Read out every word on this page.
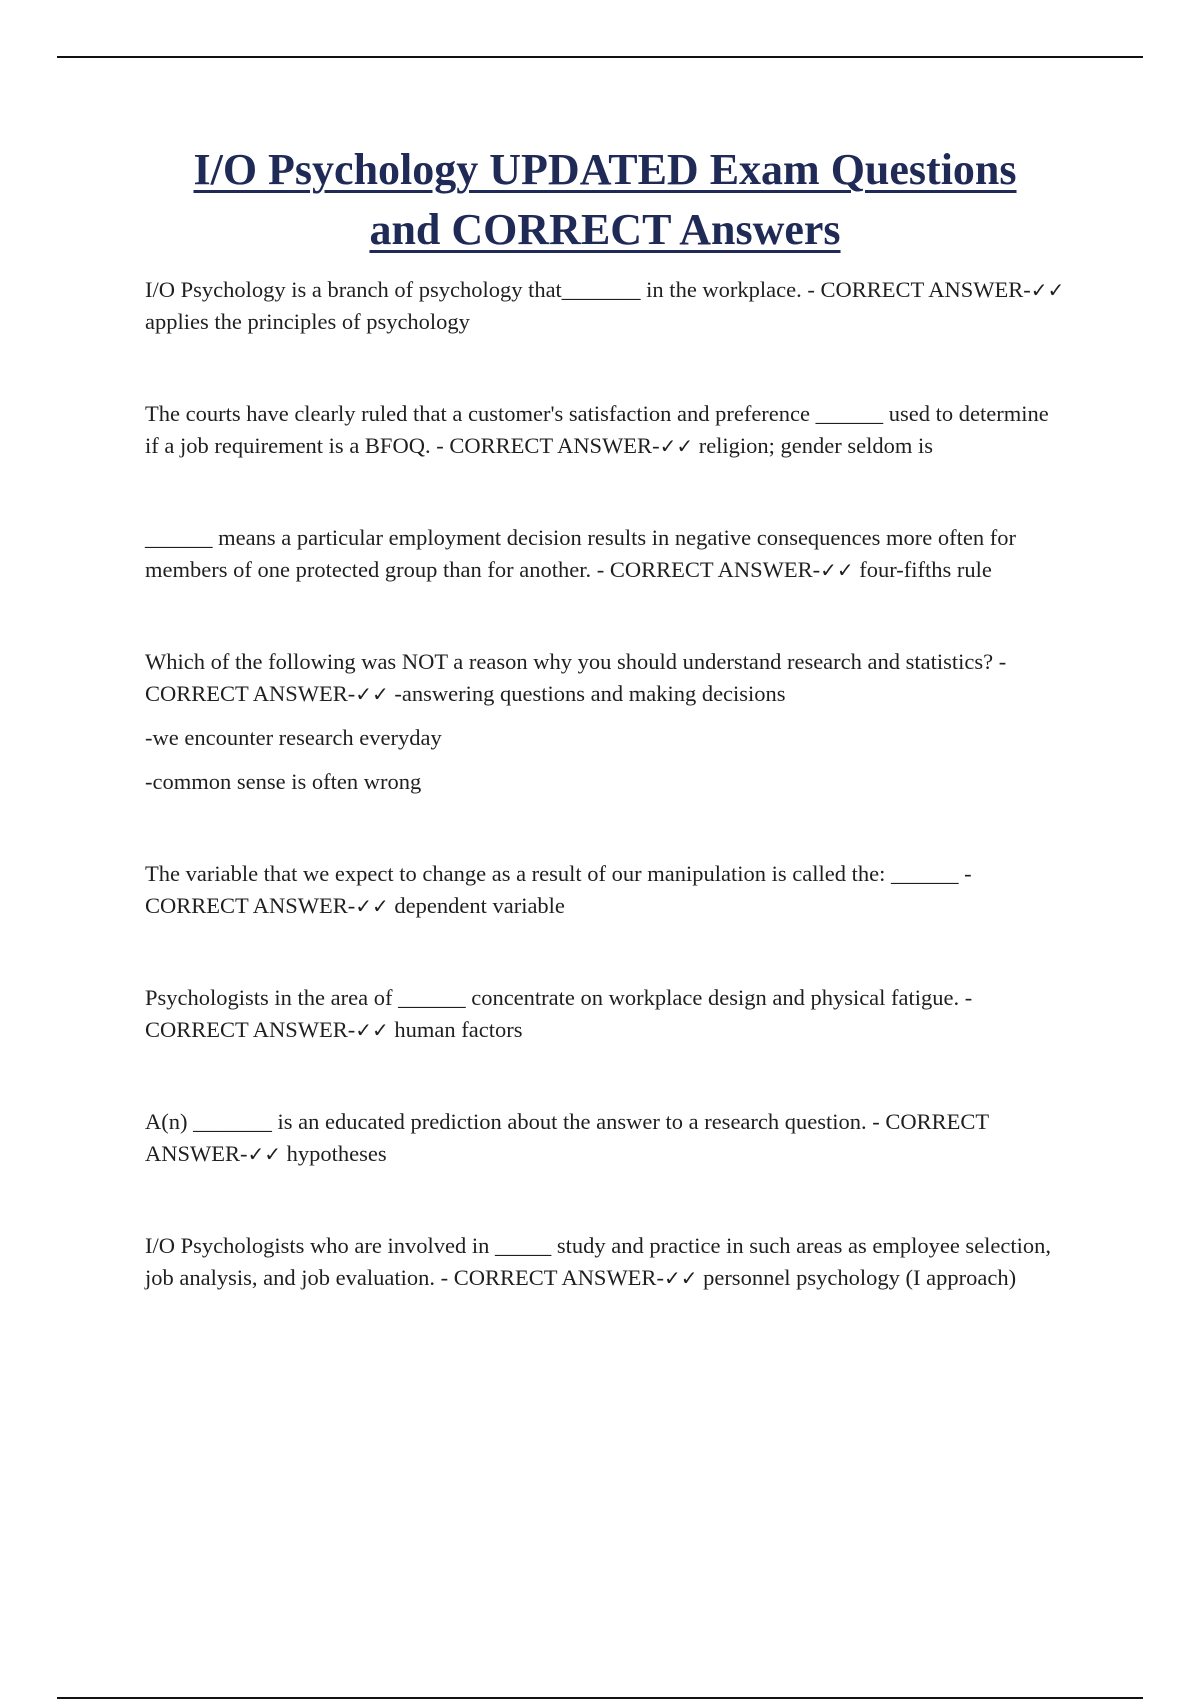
I/O Psychology UPDATED Exam Questions
and CORRECT Answers

I/O Psychology is a branch of psychology that_______ in the workplace. - CORRECT ANSWER-✓✓ applies the principles of psychology

The courts have clearly ruled that a customer's satisfaction and preference ______ used to determine if a job requirement is a BFOQ. - CORRECT ANSWER-✓✓ religion; gender seldom is

______ means a particular employment decision results in negative consequences more often for members of one protected group than for another. - CORRECT ANSWER-✓✓ four-fifths rule

Which of the following was NOT a reason why you should understand research and statistics? - CORRECT ANSWER-✓✓ -answering questions and making decisions

-we encounter research everyday

-common sense is often wrong

The variable that we expect to change as a result of our manipulation is called the: ______ - CORRECT ANSWER-✓✓ dependent variable

Psychologists in the area of ______ concentrate on workplace design and physical fatigue. - CORRECT ANSWER-✓✓ human factors

A(n) _______ is an educated prediction about the answer to a research question. - CORRECT ANSWER-✓✓ hypotheses

I/O Psychologists who are involved in _____ study and practice in such areas as employee selection, job analysis, and job evaluation. - CORRECT ANSWER-✓✓ personnel psychology (I approach)
